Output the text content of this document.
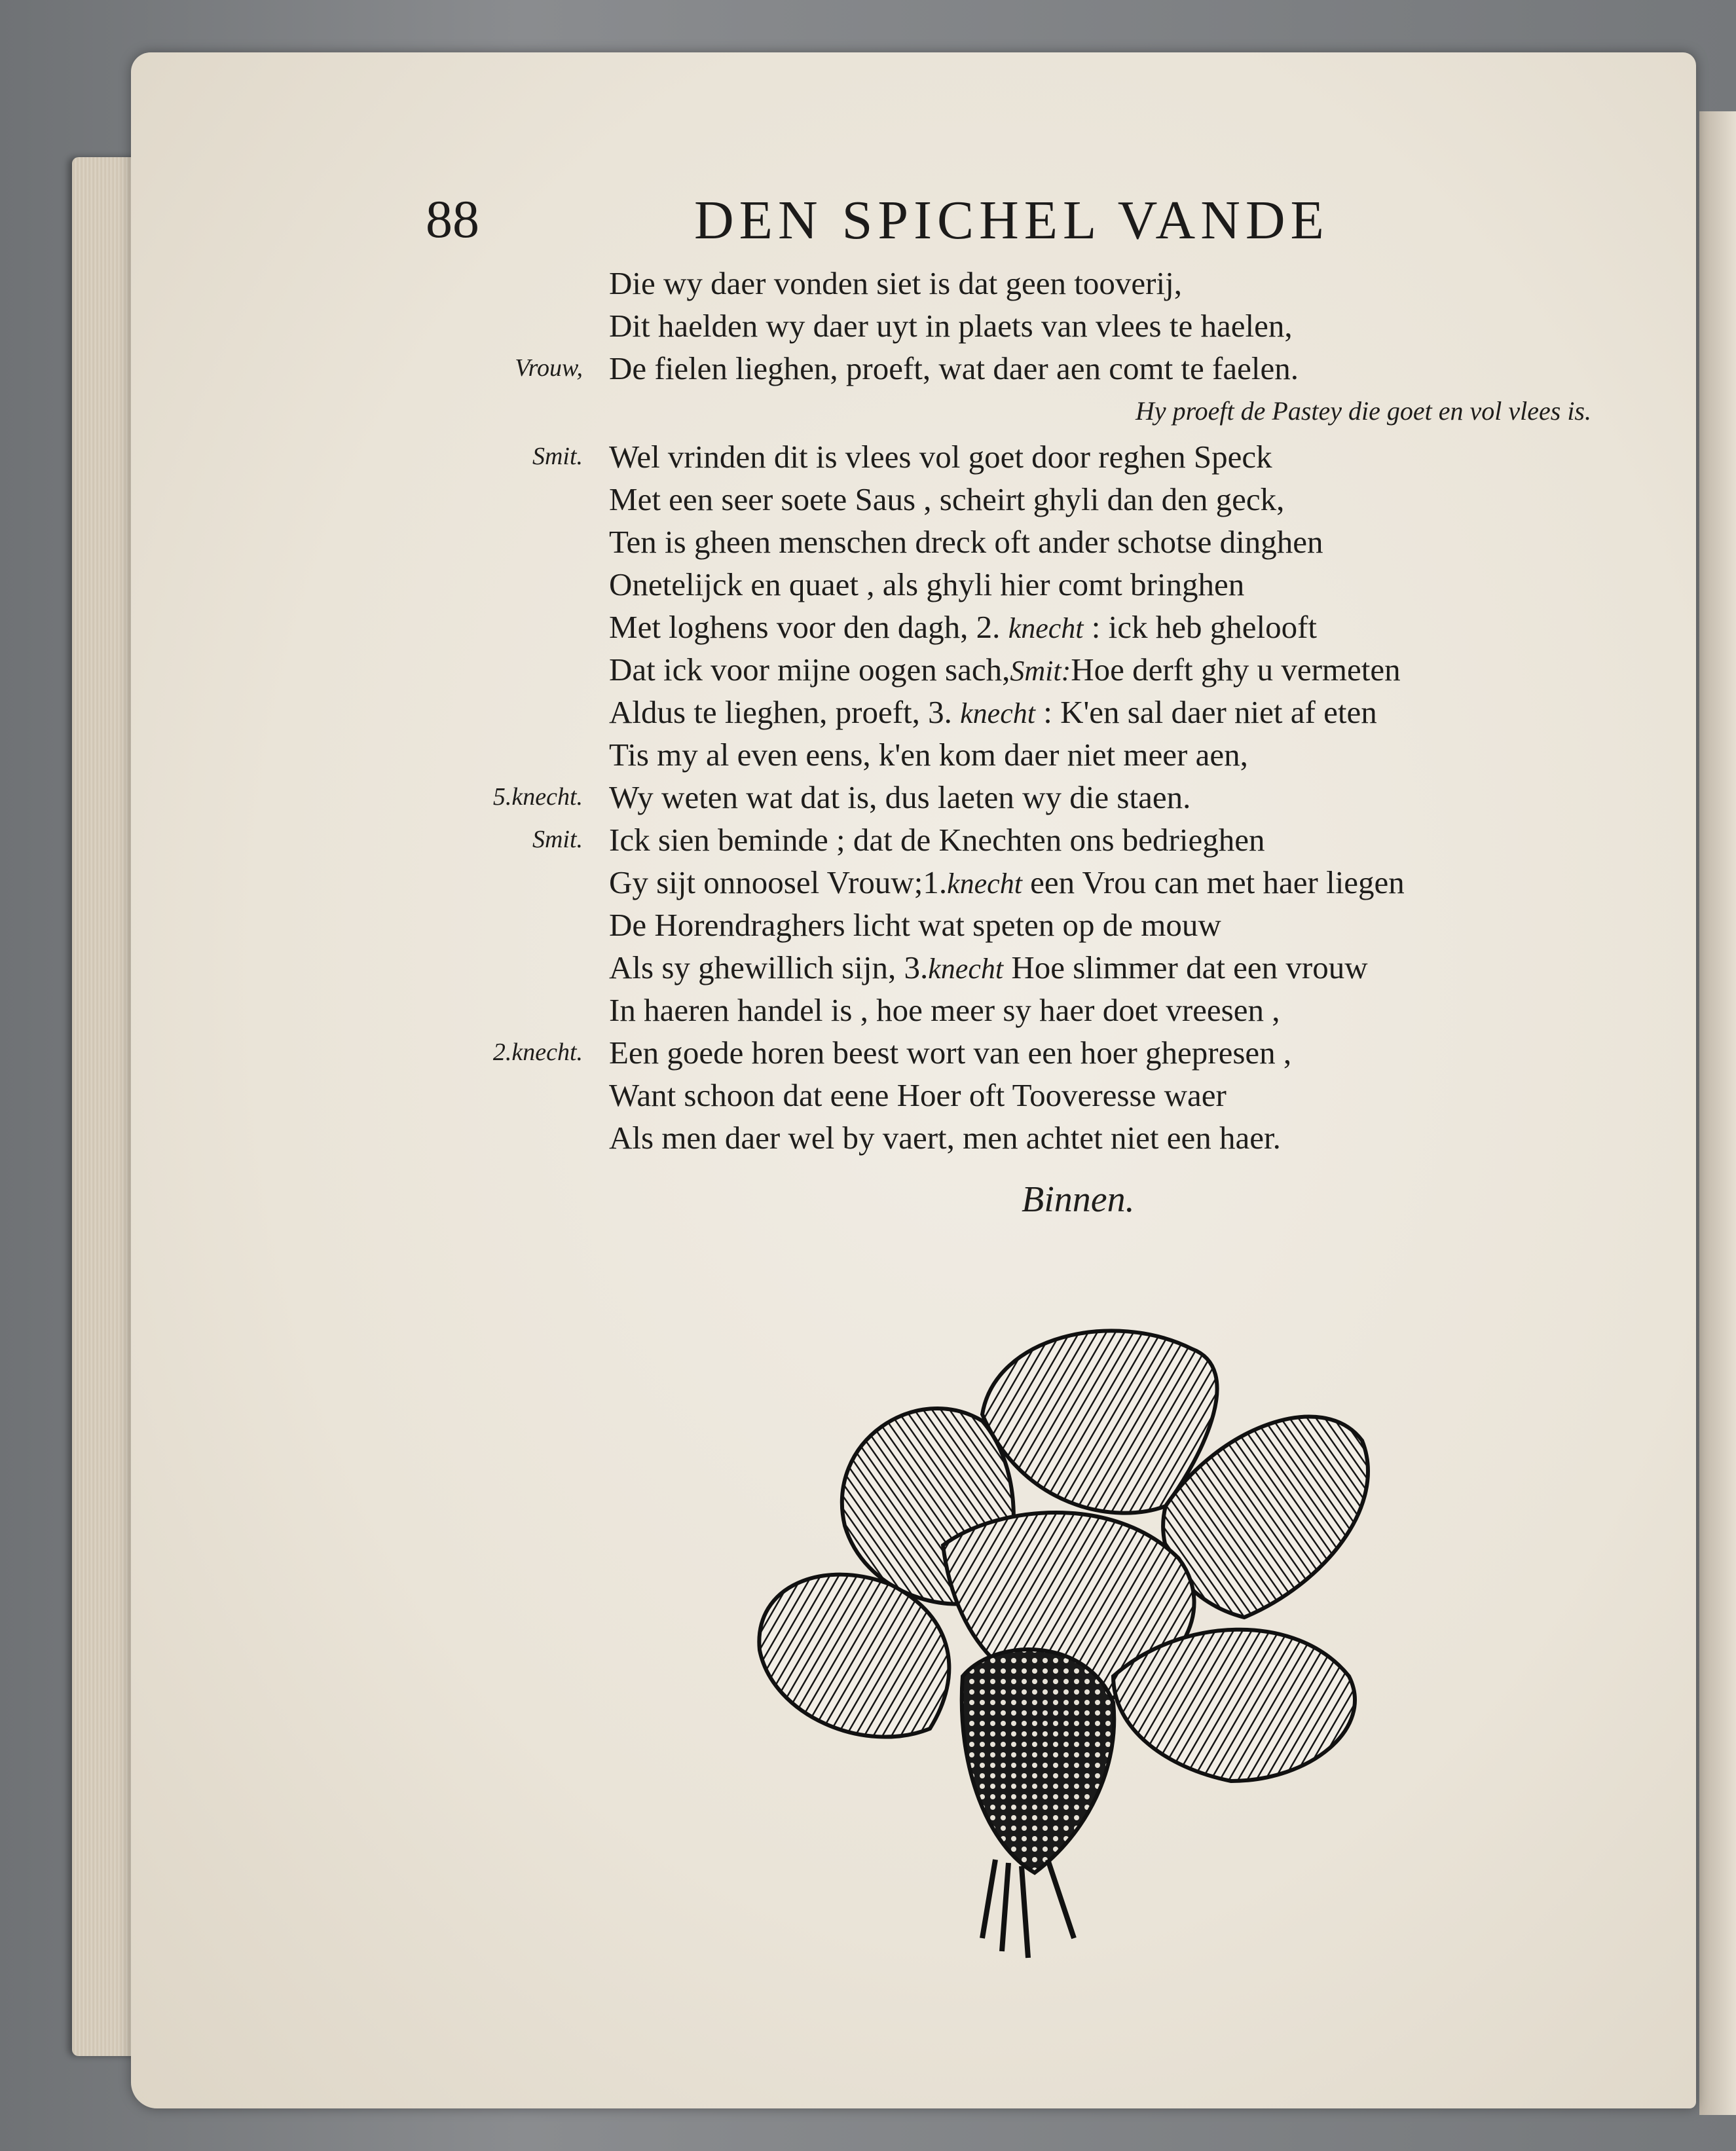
88	DEN SPICHEL VANDE
Die wy daer vonden siet is dat geen tooverij,
Dit haelden wy daer uyt in plaets van vlees te haelen,
Vrouw, De fielen lieghen, proeft, wat daer aen comt te faelen.
Hy proeft de Pastey die goet en vol vlees is.
Smit. Wel vrinden dit is vlees vol goet door reghen Speck
Met een seer soete Saus , scheirt ghyli dan den geck,
Ten is gheen menschen dreck oft ander schotse dinghen
Onetelijck en quaet , als ghyli hier comt bringhen
Met loghens voor den dagh, 2. knecht : ick heb ghelooft
Dat ick voor mijne oogen sach,Smit:Hoe derft ghy u vermeten
Aldus te lieghen, proeft, 3. knecht : K'en sal daer niet af eten
Tis my al even eens, k'en kom daer niet meer aen,
5.knecht. Wy weten wat dat is, dus laeten wy die staen.
Smit. Ick sien beminde ; dat de Knechten ons bedrieghen
Gy sijt onnoosel Vrouw;1.knecht een Vrou can met haer liegen
De Horendraghers licht wat speten op de mouw
Als sy ghewillich sijn, 3.knecht Hoe slimmer dat een vrouw
In haeren handel is , hoe meer sy haer doet vreesen ,
2.knecht. Een goede horen beest wort van een hoer ghepresen ,
Want schoon dat eene Hoer oft Tooveresse waer
Als men daer wel by vaert, men achtet niet een haer.
Binnen.
